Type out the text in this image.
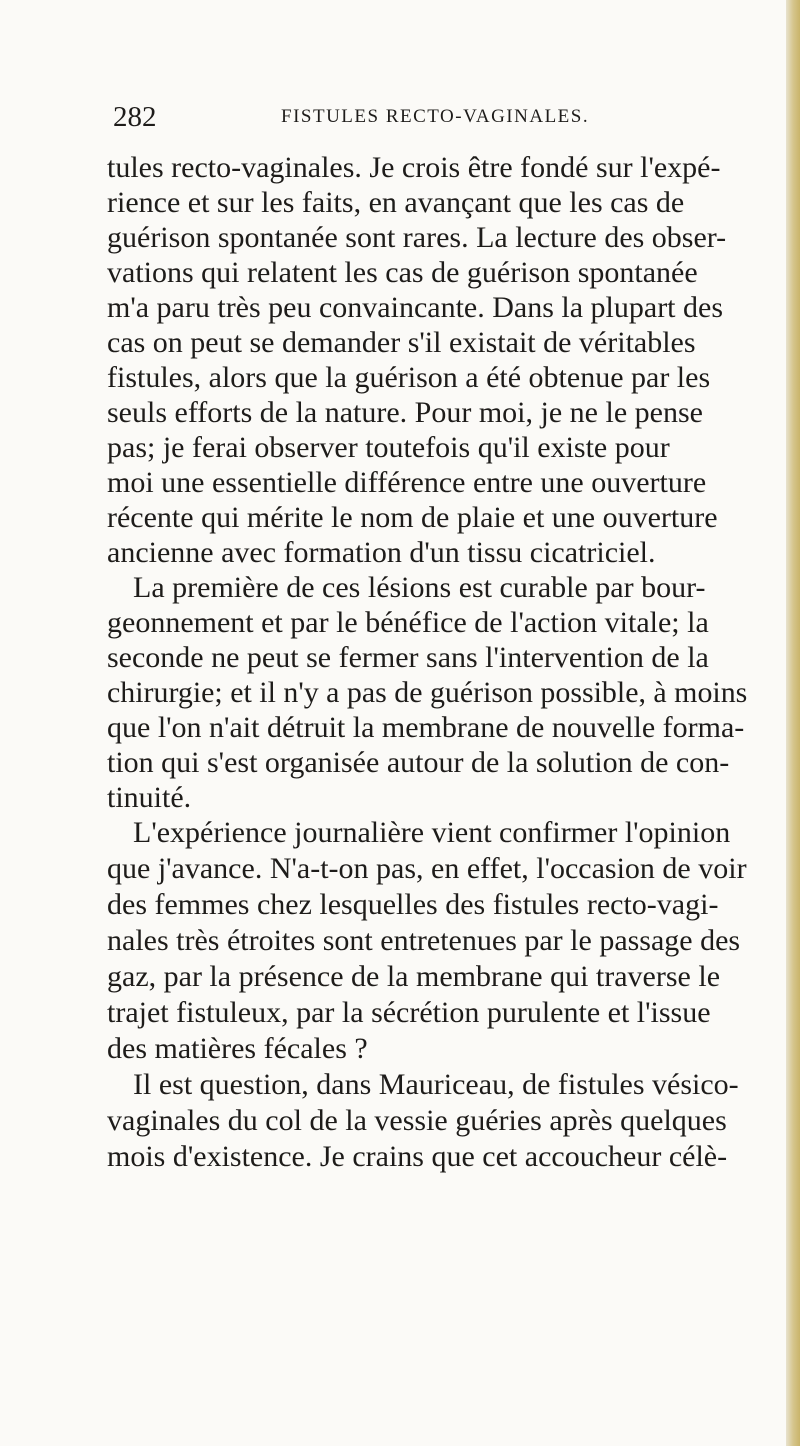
282	FISTULES RECTO-VAGINALES.
tules recto-vaginales. Je crois être fondé sur l'expé-
rience et sur les faits, en avançant que les cas de
guérison spontanée sont rares. La lecture des obser-
vations qui relatent les cas de guérison spontanée
m'a paru très peu convaincante. Dans la plupart des
cas on peut se demander s'il existait de véritables
fistules, alors que la guérison a été obtenue par les
seuls efforts de la nature. Pour moi, je ne le pense
pas; je ferai observer toutefois qu'il existe pour
moi une essentielle différence entre une ouverture
récente qui mérite le nom de plaie et une ouverture
ancienne avec formation d'un tissu cicatriciel.
La première de ces lésions est curable par bour-
geonnement et par le bénéfice de l'action vitale; la
seconde ne peut se fermer sans l'intervention de la
chirurgie; et il n'y a pas de guérison possible, à moins
que l'on n'ait détruit la membrane de nouvelle forma-
tion qui s'est organisée autour de la solution de con-
tinuité.
L'expérience journalière vient confirmer l'opinion
que j'avance. N'a-t-on pas, en effet, l'occasion de voir
des femmes chez lesquelles des fistules recto-vagi-
nales très étroites sont entretenues par le passage des
gaz, par la présence de la membrane qui traverse le
trajet fistuleux, par la sécrétion purulente et l'issue
des matières fécales ?
Il est question, dans Mauriceau, de fistules vésico-
vaginales du col de la vessie guéries après quelques
mois d'existence. Je crains que cet accoucheur célè-
